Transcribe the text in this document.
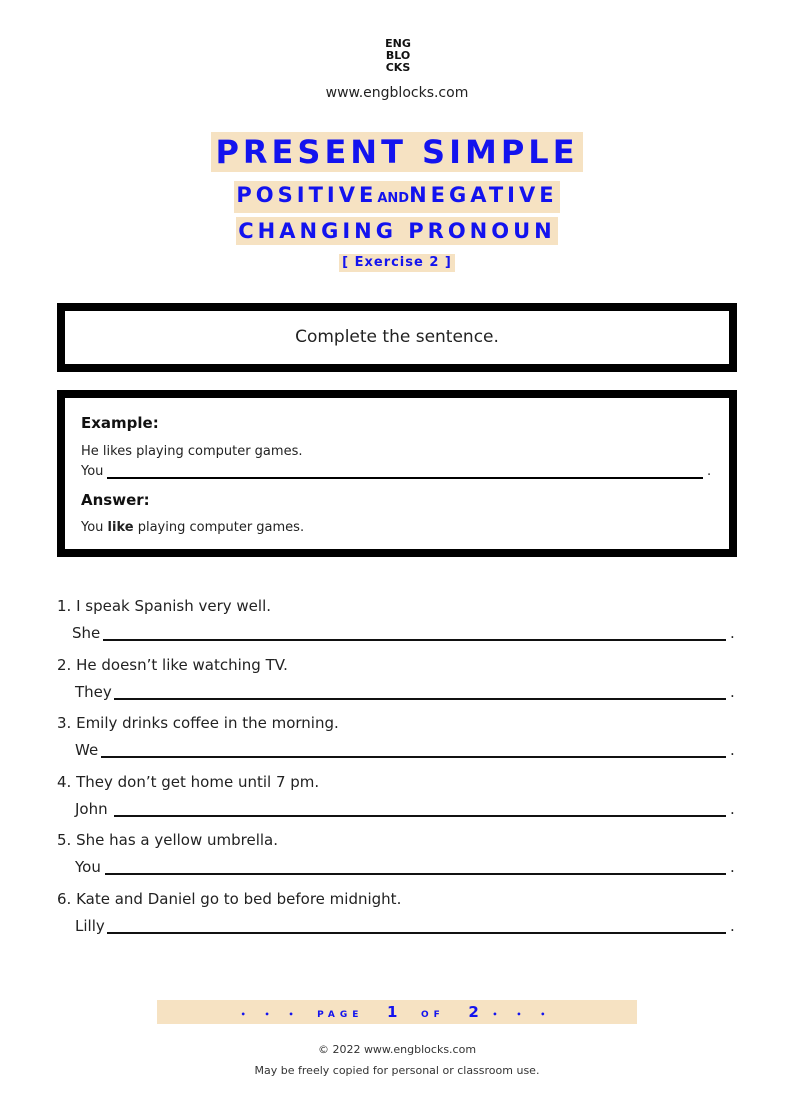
ENG
BLO
CKS
www.engblocks.com
PRESENT SIMPLE
POSITIVEANDNEGATIVE
CHANGING PRONOUN
[ Exercise 2 ]
Complete the sentence.
Example:
He likes playing computer games.
You	.
Answer:
You like playing computer games.
1. I speak Spanish very well.
She	.
2. He doesn’t like watching TV.
They	.
3. Emily drinks coffee in the morning.
We	.
4. They don’t get home until 7 pm.
John	.
5. She has a yellow umbrella.
You	.
6. Kate and Daniel go to bed before midnight.
Lilly	.
• • • PAGE 1	OF 2 • • •
© 2022 www.engblocks.com
May be freely copied for personal or classroom use.
